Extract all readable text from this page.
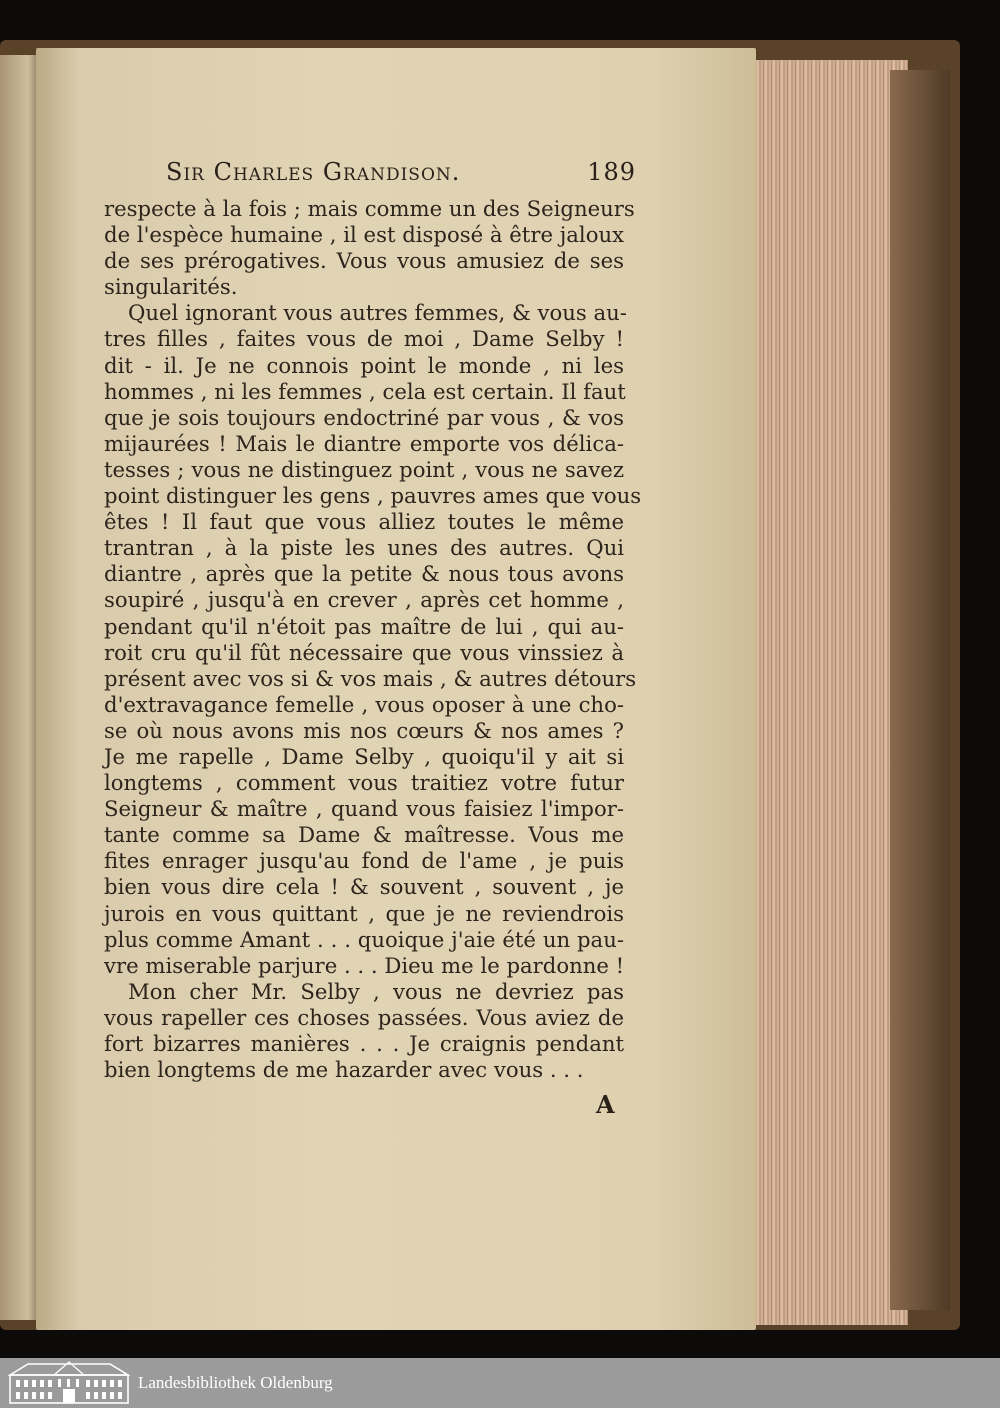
Sir Charles Grandison.	189
respecte à la fois ; mais comme un des Seigneurs
de l'espèce humaine , il est disposé à être jaloux
de ses prérogatives. Vous vous amusiez de ses
singularités.
Quel ignorant vous autres femmes, & vous au-
tres filles , faites vous de moi , Dame Selby !
dit - il. Je ne connois point le monde , ni les
hommes , ni les femmes , cela est certain. Il faut
que je sois toujours endoctriné par vous , & vos
mijaurées ! Mais le diantre emporte vos délica-
tesses ; vous ne distinguez point , vous ne savez
point distinguer les gens , pauvres ames que vous
êtes ! Il faut que vous alliez toutes le même
trantran , à la piste les unes des autres. Qui
diantre , après que la petite & nous tous avons
soupiré , jusqu'à en crever , après cet homme ,
pendant qu'il n'étoit pas maître de lui , qui au-
roit cru qu'il fût nécessaire que vous vinssiez à
présent avec vos si & vos mais , & autres détours
d'extravagance femelle , vous oposer à une cho-
se où nous avons mis nos cœurs & nos ames ?
Je me rapelle , Dame Selby , quoiqu'il y ait si
longtems , comment vous traitiez votre futur
Seigneur & maître , quand vous faisiez l'impor-
tante comme sa Dame & maîtresse. Vous me
fites enrager jusqu'au fond de l'ame , je puis
bien vous dire cela ! & souvent , souvent , je
jurois en vous quittant , que je ne reviendrois
plus comme Amant . . . quoique j'aie été un pau-
vre miserable parjure . . . Dieu me le pardonne !
Mon cher Mr. Selby , vous ne devriez pas
vous rapeller ces choses passées. Vous aviez de
fort bizarres manières . . . Je craignis pendant
bien longtems de me hazarder avec vous . . .
A
Landesbibliothek Oldenburg
